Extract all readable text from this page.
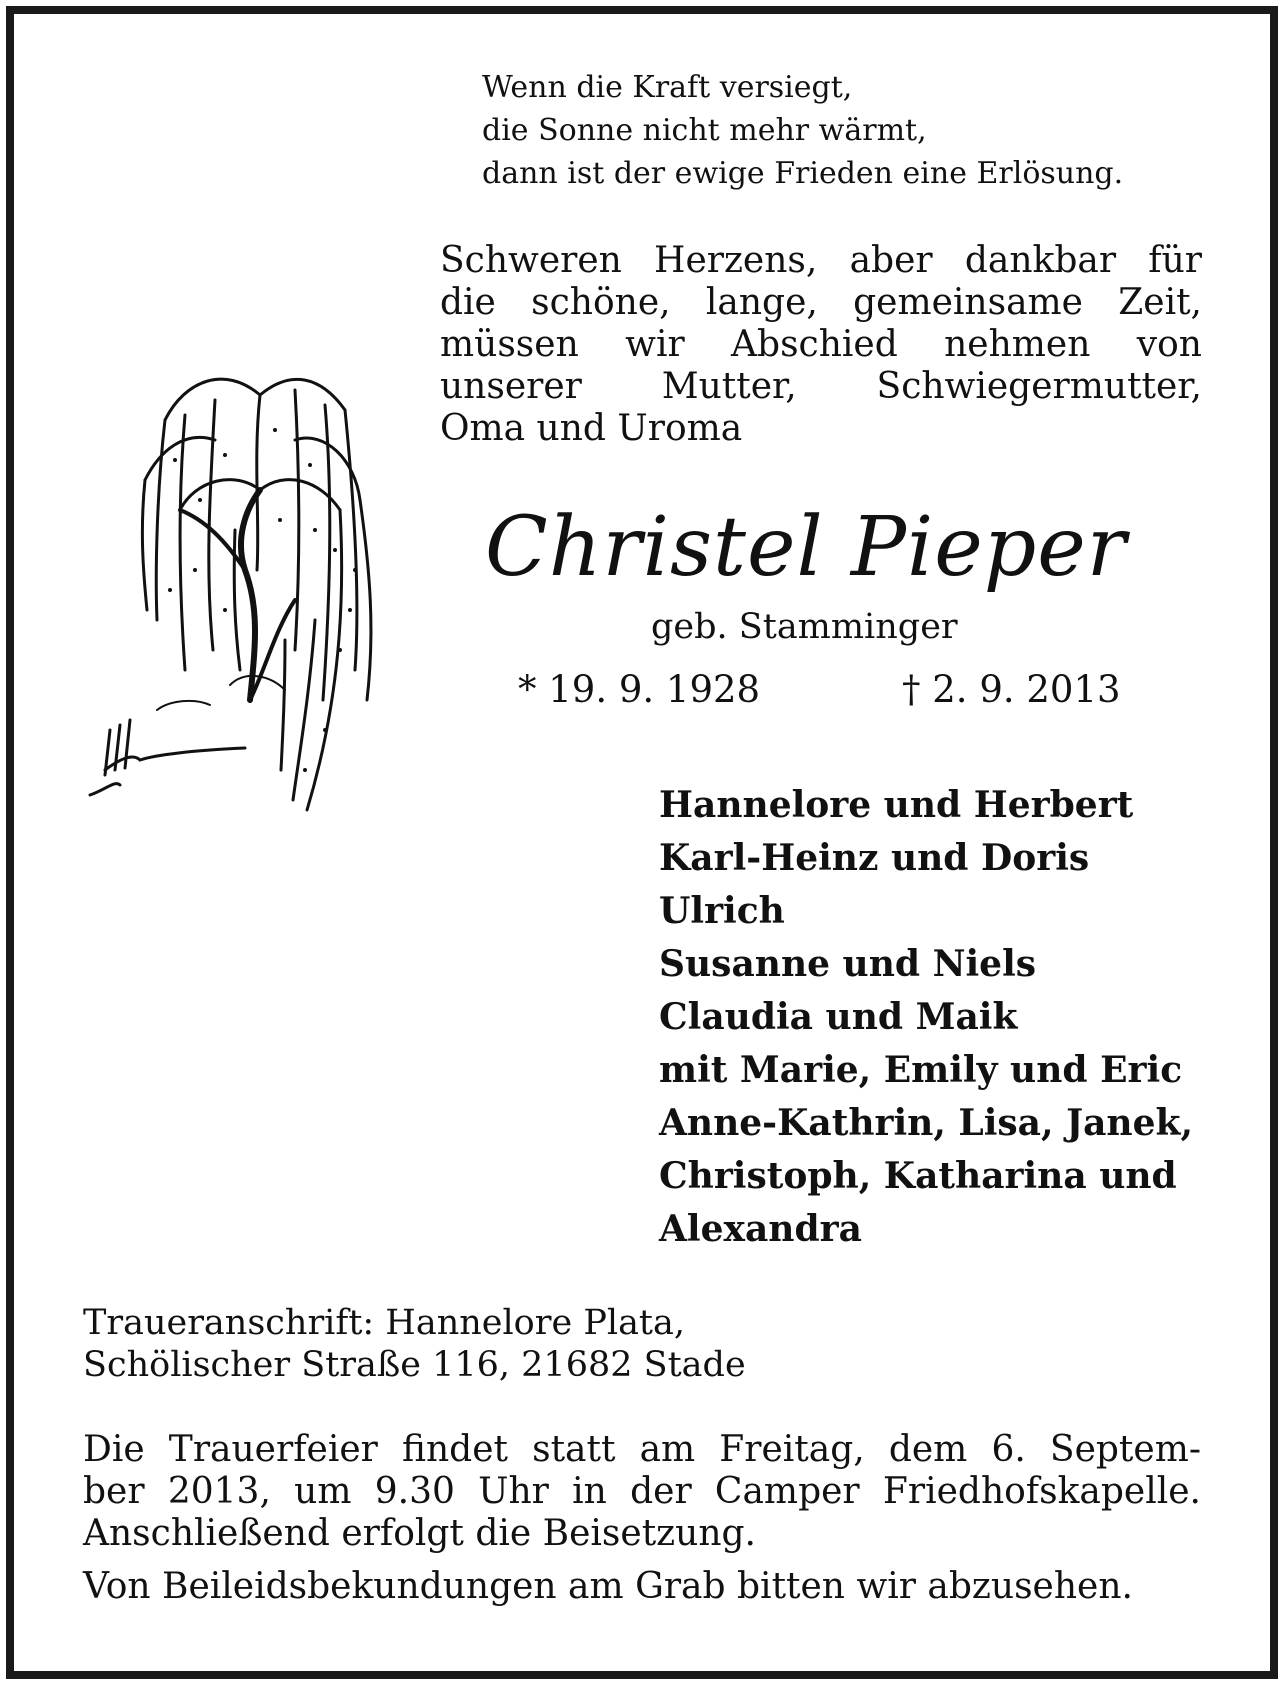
Wenn die Kraft versiegt,
die Sonne nicht mehr wärmt,
dann ist der ewige Frieden eine Erlösung.
Schweren Herzens, aber dankbar für
die schöne, lange, gemeinsame Zeit,
müssen wir Abschied nehmen von
unserer Mutter, Schwiegermutter,
Oma und Uroma
Christel Pieper
geb. Stamminger
* 19. 9. 1928	† 2. 9. 2013
Hannelore und Herbert
Karl-Heinz und Doris
Ulrich
Susanne und Niels
Claudia und Maik
mit Marie, Emily und Eric
Anne-Kathrin, Lisa, Janek,
Christoph, Katharina und
Alexandra
Traueranschrift: Hannelore Plata,
Schölischer Straße 116, 21682 Stade
Die Trauerfeier findet statt am Freitag, dem 6. Septem-
ber 2013, um 9.30 Uhr in der Camper Friedhofskapelle.
Anschließend erfolgt die Beisetzung.
Von Beileidsbekundungen am Grab bitten wir abzusehen.
